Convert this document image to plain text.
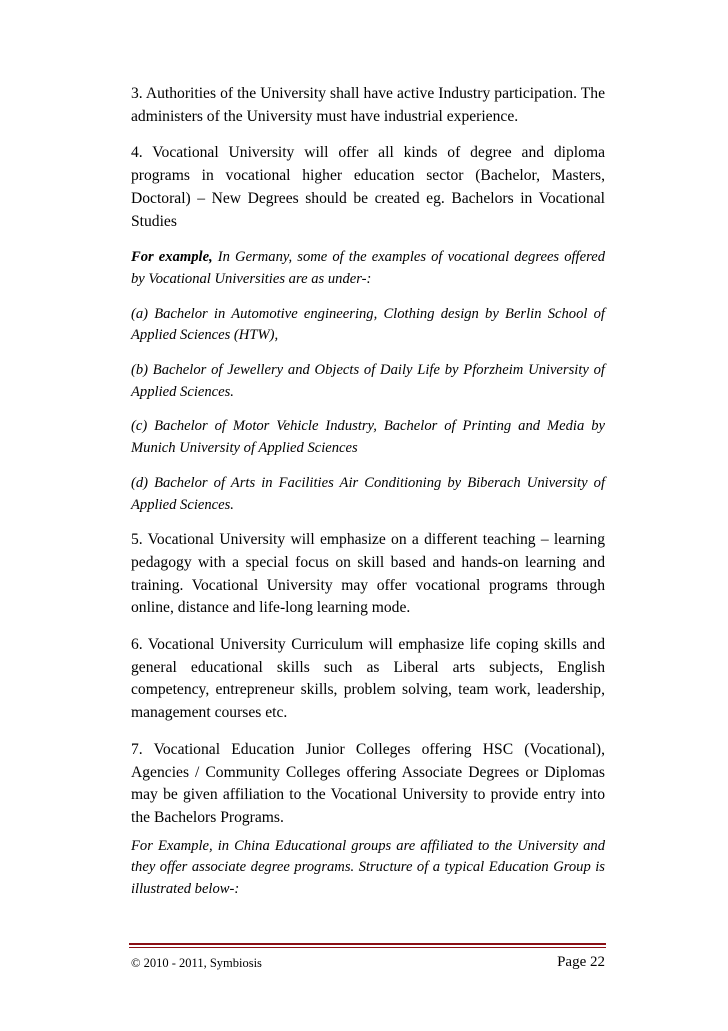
3. Authorities of the University shall have active Industry participation. The administers of the University must have industrial experience.

4. Vocational University will offer all kinds of degree and diploma programs in vocational higher education sector (Bachelor, Masters, Doctoral) – New Degrees should be created eg. Bachelors in Vocational Studies

For example, In Germany, some of the examples of vocational degrees offered by Vocational Universities are as under-:

(a) Bachelor in Automotive engineering, Clothing design by Berlin School of Applied Sciences (HTW),

(b) Bachelor of Jewellery and Objects of Daily Life by Pforzheim University of Applied Sciences.

(c) Bachelor of Motor Vehicle Industry, Bachelor of Printing and Media by Munich University of Applied Sciences

(d) Bachelor of Arts in Facilities Air Conditioning by Biberach University of Applied Sciences.

5. Vocational University will emphasize on a different teaching – learning pedagogy with a special focus on skill based and hands-on learning and training. Vocational University may offer vocational programs through online, distance and life-long learning mode.

6. Vocational University Curriculum will emphasize life coping skills and general educational skills such as Liberal arts subjects, English competency, entrepreneur skills, problem solving, team work, leadership, management courses etc.

7. Vocational Education Junior Colleges offering HSC (Vocational), Agencies / Community Colleges offering Associate Degrees or Diplomas may be given affiliation to the Vocational University to provide entry into the Bachelors Programs.

For Example, in China Educational groups are affiliated to the University and they offer associate degree programs. Structure of a typical Education Group is illustrated below-:

© 2010 - 2011, Symbiosis	Page 22
